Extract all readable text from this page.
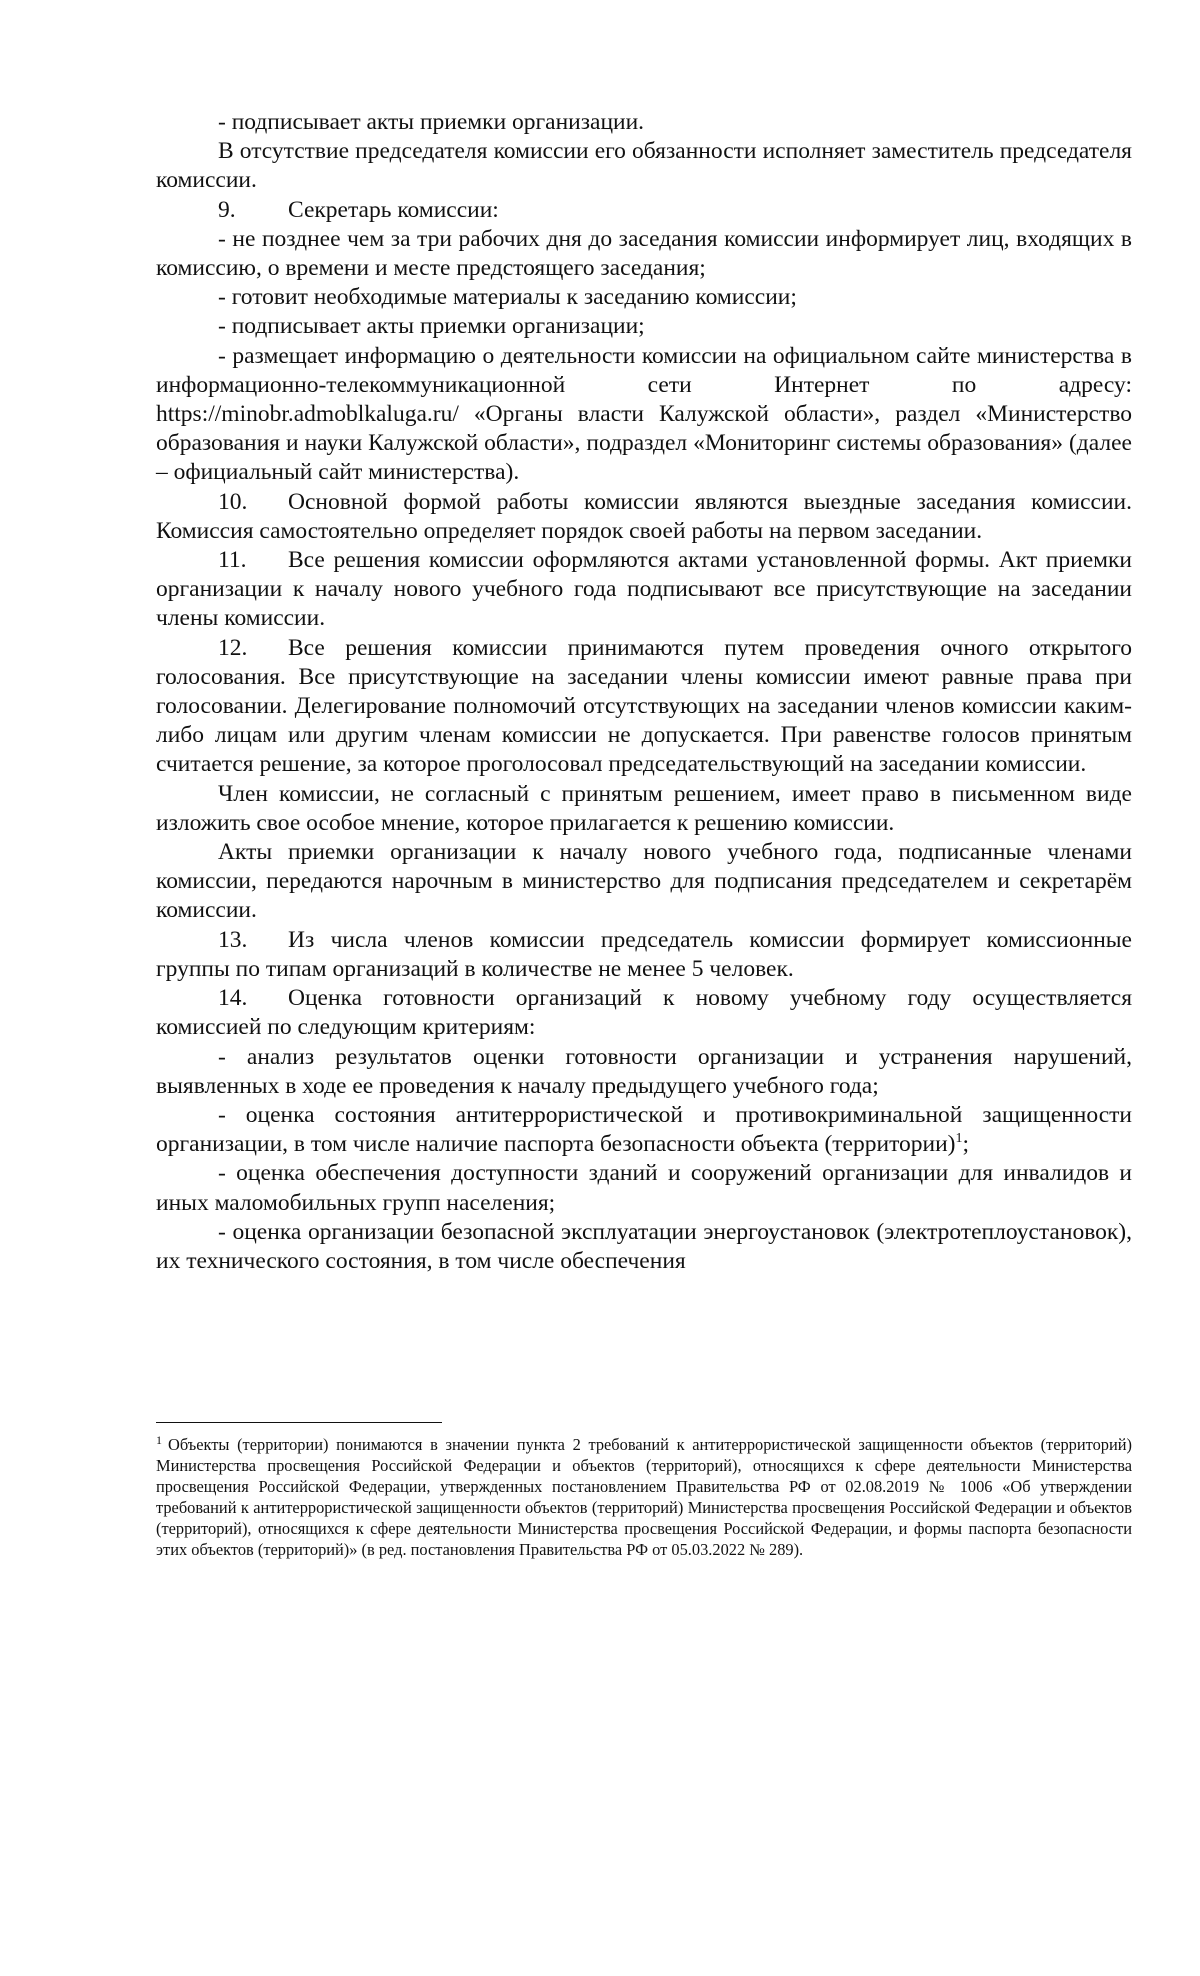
- подписывает акты приемки организации.

В отсутствие председателя комиссии его обязанности исполняет заместитель председателя комиссии.

9. Секретарь комиссии:

- не позднее чем за три рабочих дня до заседания комиссии информирует лиц, входящих в комиссию, о времени и месте предстоящего заседания;

- готовит необходимые материалы к заседанию комиссии;

- подписывает акты приемки организации;

- размещает информацию о деятельности комиссии на официальном сайте министерства в информационно-телекоммуникационной сети Интернет по адресу: https://minobr.admoblkaluga.ru/ «Органы власти Калужской области», раздел «Министерство образования и науки Калужской области», подраздел «Мониторинг системы образования» (далее – официальный сайт министерства).

10. Основной формой работы комиссии являются выездные заседания комиссии. Комиссия самостоятельно определяет порядок своей работы на первом заседании.

11. Все решения комиссии оформляются актами установленной формы. Акт приемки организации к началу нового учебного года подписывают все присутствующие на заседании члены комиссии.

12. Все решения комиссии принимаются путем проведения очного открытого голосования. Все присутствующие на заседании члены комиссии имеют равные права при голосовании. Делегирование полномочий отсутствующих на заседании членов комиссии каким-либо лицам или другим членам комиссии не допускается. При равенстве голосов принятым считается решение, за которое проголосовал председательствующий на заседании комиссии.

Член комиссии, не согласный с принятым решением, имеет право в письменном виде изложить свое особое мнение, которое прилагается к решению комиссии.

Акты приемки организации к началу нового учебного года, подписанные членами комиссии, передаются нарочным в министерство для подписания председателем и секретарём комиссии.

13. Из числа членов комиссии председатель комиссии формирует комиссионные группы по типам организаций в количестве не менее 5 человек.

14. Оценка готовности организаций к новому учебному году осуществляется комиссией по следующим критериям:

- анализ результатов оценки готовности организации и устранения нарушений, выявленных в ходе ее проведения к началу предыдущего учебного года;

- оценка состояния антитеррористической и противокриминальной защищенности организации, в том числе наличие паспорта безопасности объекта (территории)$^1$;

- оценка обеспечения доступности зданий и сооружений организации для инвалидов и иных маломобильных групп населения;

- оценка организации безопасной эксплуатации энергоустановок (электротеплоустановок), их технического состояния, в том числе обеспечения

$^1$ Объекты (территории) понимаются в значении пункта 2 требований к антитеррористической защищенности объектов (территорий) Министерства просвещения Российской Федерации и объектов (территорий), относящихся к сфере деятельности Министерства просвещения Российской Федерации, утвержденных постановлением Правительства РФ от 02.08.2019 № 1006 «Об утверждении требований к антитеррористической защищенности объектов (территорий) Министерства просвещения Российской Федерации и объектов (территорий), относящихся к сфере деятельности Министерства просвещения Российской Федерации, и формы паспорта безопасности этих объектов (территорий)» (в ред. постановления Правительства РФ от 05.03.2022 № 289).
